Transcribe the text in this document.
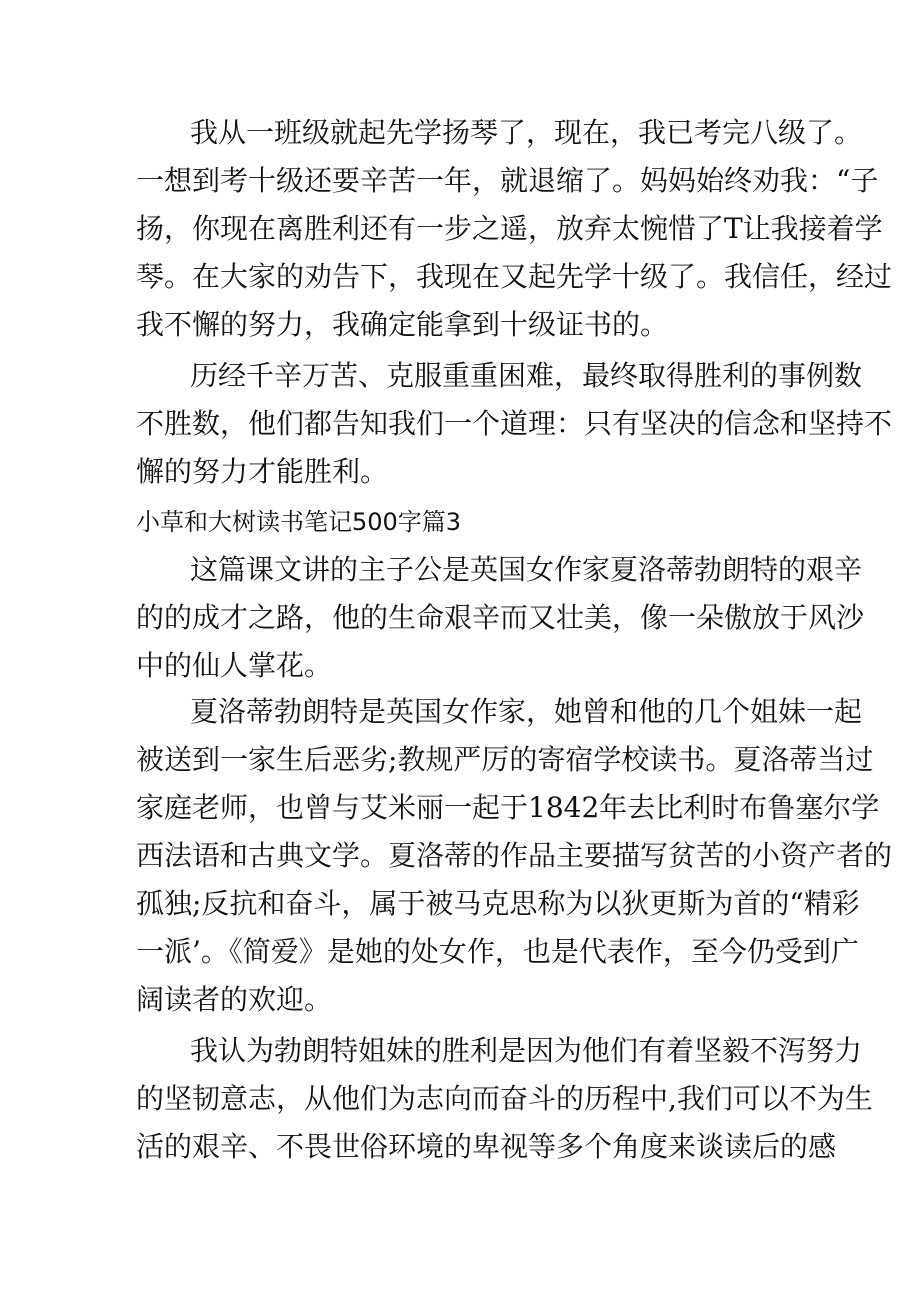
我从一班级就起先学扬琴了，现在，我已考完八级了。
一想到考十级还要辛苦一年，就退缩了。妈妈始终劝我：“子
扬，你现在离胜利还有一步之遥，放弃太惋惜了T让我接着学
琴。在大家的劝告下，我现在又起先学十级了。我信任，经过
我不懈的努力，我确定能拿到十级证书的。
历经千辛万苦、克服重重困难，最终取得胜利的事例数
不胜数，他们都告知我们一个道理：只有坚决的信念和坚持不
懈的努力才能胜利。
小草和大树读书笔记500字篇3
这篇课文讲的主子公是英国女作家夏洛蒂勃朗特的艰辛
的的成才之路，他的生命艰辛而又壮美，像一朵傲放于风沙
中的仙人掌花。
夏洛蒂勃朗特是英国女作家，她曾和他的几个姐妹一起
被送到一家生后恶劣;教规严厉的寄宿学校读书。夏洛蒂当过
家庭老师，也曾与艾米丽一起于1842年去比利时布鲁塞尔学
西法语和古典文学。夏洛蒂的作品主要描写贫苦的小资产者的
孤独;反抗和奋斗，属于被马克思称为以狄更斯为首的“精彩
一派’。《简爱》是她的处女作，也是代表作，至今仍受到广
阔读者的欢迎。
我认为勃朗特姐妹的胜利是因为他们有着坚毅不泻努力
的坚韧意志，从他们为志向而奋斗的历程中,我们可以不为生
活的艰辛、不畏世俗环境的卑视等多个角度来谈读后的感
